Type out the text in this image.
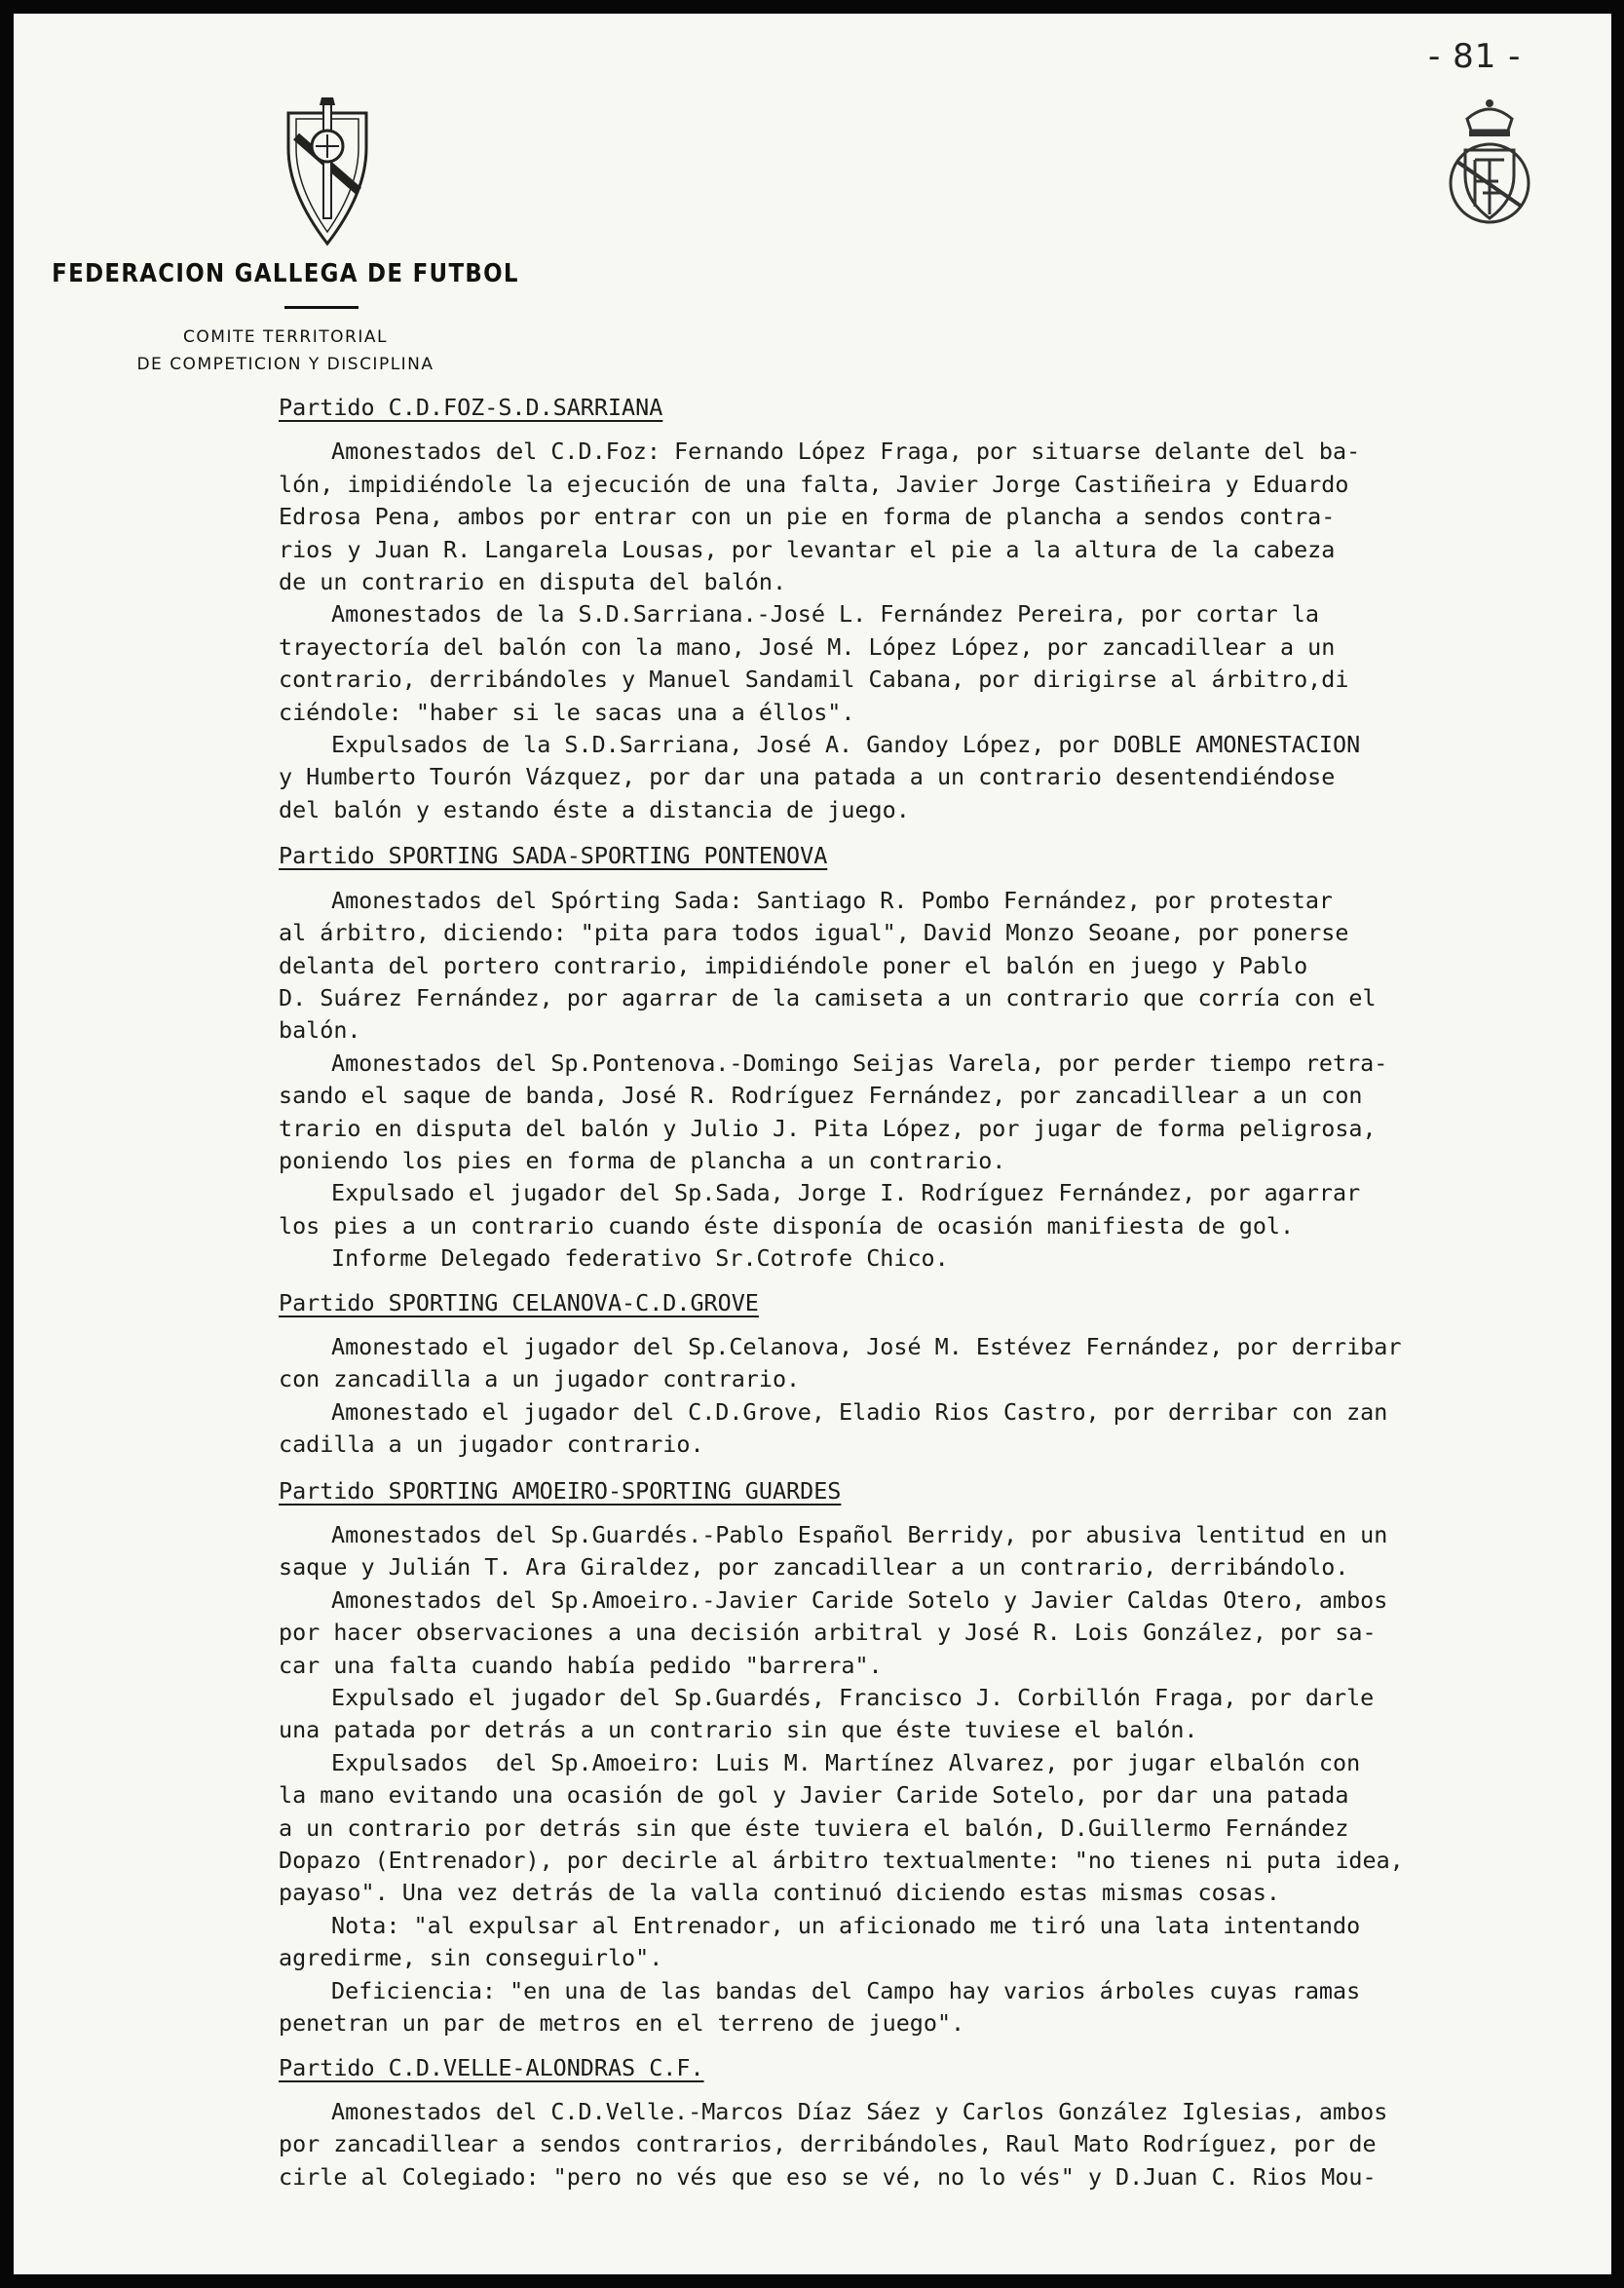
- 81 -
FEDERACION GALLEGA DE FUTBOL
COMITE TERRITORIAL
DE COMPETICION Y DISCIPLINA
Partido C.D.FOZ-S.D.SARRIANA
Amonestados del C.D.Foz: Fernando López Fraga, por situarse delante del ba-
lón, impidiéndole la ejecución de una falta, Javier Jorge Castiñeira y Eduardo
Edrosa Pena, ambos por entrar con un pie en forma de plancha a sendos contra-
rios y Juan R. Langarela Lousas, por levantar el pie a la altura de la cabeza
de un contrario en disputa del balón.
Amonestados de la S.D.Sarriana.-José L. Fernández Pereira, por cortar la
trayectoría del balón con la mano, José M. López López, por zancadillear a un
contrario, derribándoles y Manuel Sandamil Cabana, por dirigirse al árbitro,di
ciéndole: "haber si le sacas una a éllos".
Expulsados de la S.D.Sarriana, José A. Gandoy López, por DOBLE AMONESTACION
y Humberto Tourón Vázquez, por dar una patada a un contrario desentendiéndose
del balón y estando éste a distancia de juego.
Partido SPORTING SADA-SPORTING PONTENOVA
Amonestados del Spórting Sada: Santiago R. Pombo Fernández, por protestar
al árbitro, diciendo: "pita para todos igual", David Monzo Seoane, por ponerse
delanta del portero contrario, impidiéndole poner el balón en juego y Pablo
D. Suárez Fernández, por agarrar de la camiseta a un contrario que corría con el
balón.
Amonestados del Sp.Pontenova.-Domingo Seijas Varela, por perder tiempo retra-
sando el saque de banda, José R. Rodríguez Fernández, por zancadillear a un con
trario en disputa del balón y Julio J. Pita López, por jugar de forma peligrosa,
poniendo los pies en forma de plancha a un contrario.
Expulsado el jugador del Sp.Sada, Jorge I. Rodríguez Fernández, por agarrar
los pies a un contrario cuando éste disponía de ocasión manifiesta de gol.
Informe Delegado federativo Sr.Cotrofe Chico.
Partido SPORTING CELANOVA-C.D.GROVE
Amonestado el jugador del Sp.Celanova, José M. Estévez Fernández, por derribar
con zancadilla a un jugador contrario.
Amonestado el jugador del C.D.Grove, Eladio Rios Castro, por derribar con zan
cadilla a un jugador contrario.
Partido SPORTING AMOEIRO-SPORTING GUARDES
Amonestados del Sp.Guardés.-Pablo Español Berridy, por abusiva lentitud en un
saque y Julián T. Ara Giraldez, por zancadillear a un contrario, derribándolo.
Amonestados del Sp.Amoeiro.-Javier Caride Sotelo y Javier Caldas Otero, ambos
por hacer observaciones a una decisión arbitral y José R. Lois González, por sa-
car una falta cuando había pedido "barrera".
Expulsado el jugador del Sp.Guardés, Francisco J. Corbillón Fraga, por darle
una patada por detrás a un contrario sin que éste tuviese el balón.
Expulsados  del Sp.Amoeiro: Luis M. Martínez Alvarez, por jugar elbalón con
la mano evitando una ocasión de gol y Javier Caride Sotelo, por dar una patada
a un contrario por detrás sin que éste tuviera el balón, D.Guillermo Fernández
Dopazo (Entrenador), por decirle al árbitro textualmente: "no tienes ni puta idea,
payaso". Una vez detrás de la valla continuó diciendo estas mismas cosas.
Nota: "al expulsar al Entrenador, un aficionado me tiró una lata intentando
agredirme, sin conseguirlo".
Deficiencia: "en una de las bandas del Campo hay varios árboles cuyas ramas
penetran un par de metros en el terreno de juego".
Partido C.D.VELLE-ALONDRAS C.F.
Amonestados del C.D.Velle.-Marcos Díaz Sáez y Carlos González Iglesias, ambos
por zancadillear a sendos contrarios, derribándoles, Raul Mato Rodríguez, por de
cirle al Colegiado: "pero no vés que eso se vé, no lo vés" y D.Juan C. Rios Mou-
